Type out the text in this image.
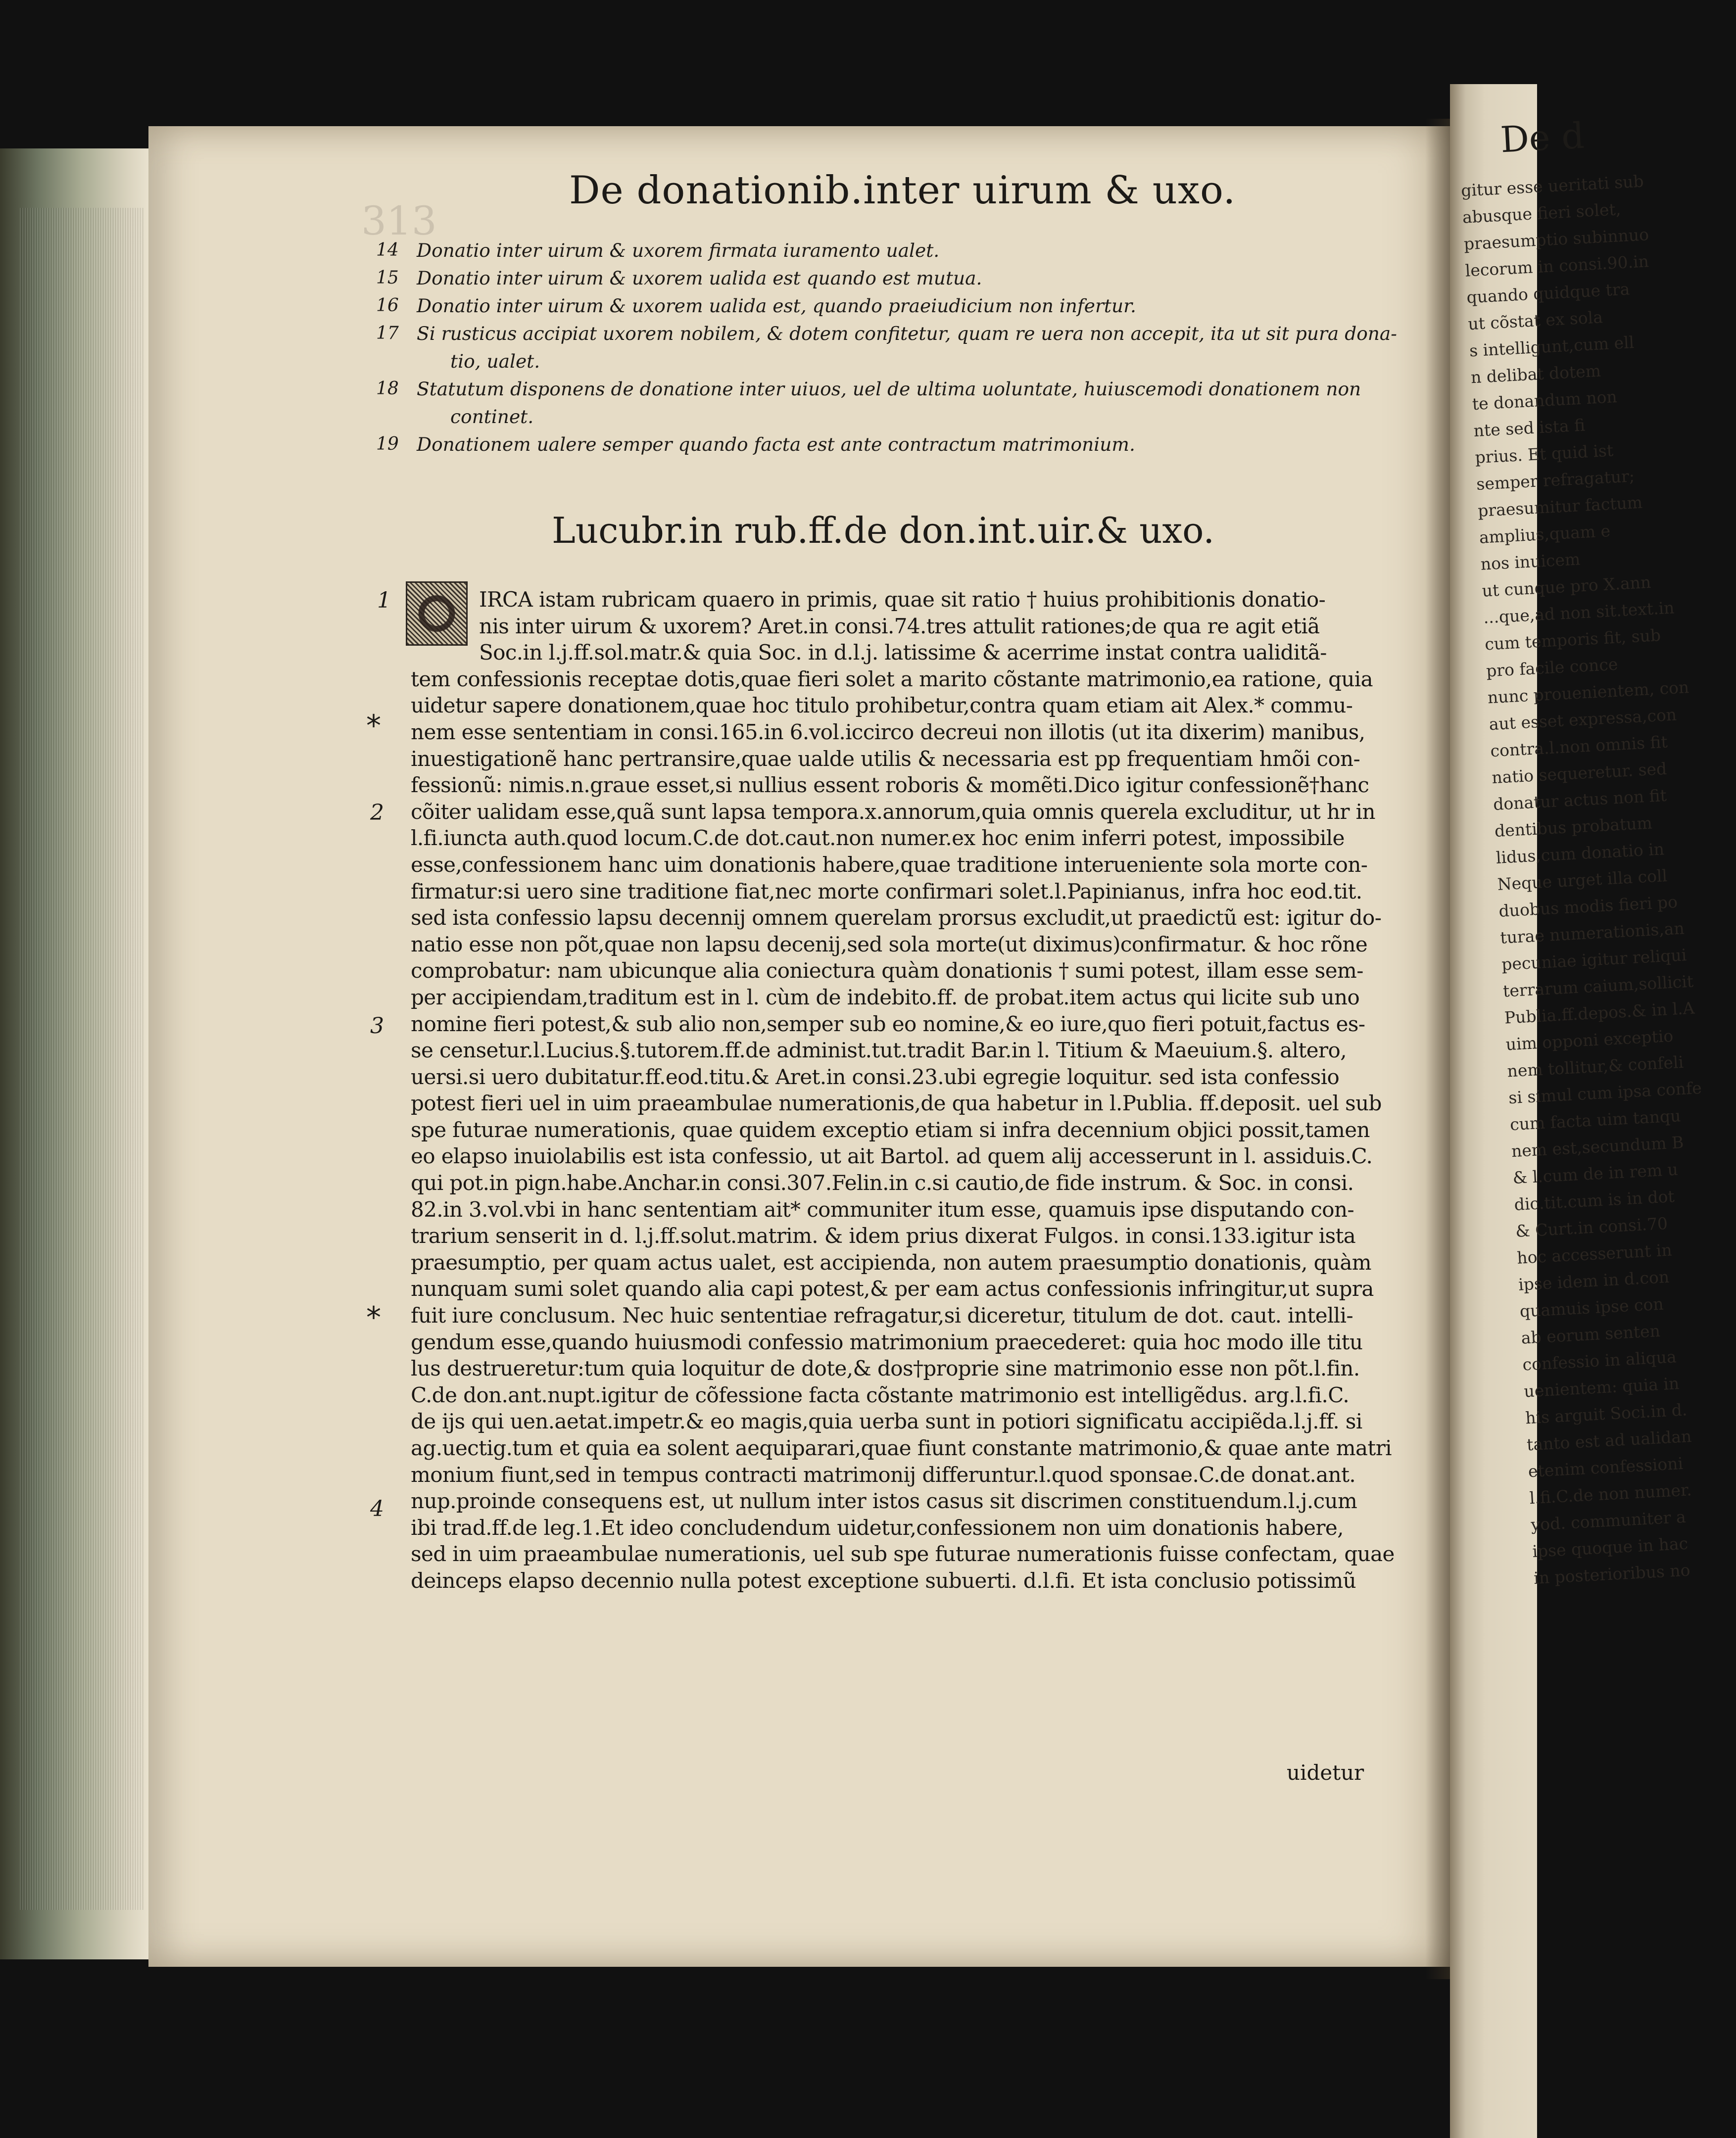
313
De donationib.inter uirum & uxo.
14 Donatio inter uirum & uxorem firmata iuramento ualet.
15 Donatio inter uirum & uxorem ualida est quando est mutua.
16 Donatio inter uirum & uxorem ualida est, quando praeiudicium non infertur.
17 Si rusticus accipiat uxorem nobilem, & dotem confitetur, quam re uera non accepit, ita ut sit pura dona-
tio, ualet.
18 Statutum disponens de donatione inter uiuos, uel de ultima uoluntate, huiuscemodi donationem non
continet.
19 Donationem ualere semper quando facta est ante contractum matrimonium.
Lucubr.in rub.ff.de don.int.uir.& uxo.
IRCA istam rubricam quaero in primis, quae sit ratio † huius prohibitionis donatio-
nis inter uirum & uxorem? Aret.in consi.74.tres attulit rationes;de qua re agit etiã
Soc.in l.j.ff.sol.matr.& quia Soc. in d.l.j. latissime & acerrime instat contra ualiditã-
tem confessionis receptae dotis,quae fieri solet a marito cõstante matrimonio,ea ratione, quia
uidetur sapere donationem,quae hoc titulo prohibetur,contra quam etiam ait Alex.* commu-
nem esse sententiam in consi.165.in 6.vol.iccirco decreui non illotis (ut ita dixerim) manibus,
inuestigationẽ hanc pertransire,quae ualde utilis & necessaria est pp frequentiam hmõi con-
fessionũ: nimis.n.graue esset,si nullius essent roboris & momẽti.Dico igitur confessionẽ†hanc
cõiter ualidam esse,quã sunt lapsa tempora.x.annorum,quia omnis querela excluditur, ut hr in
l.fi.iuncta auth.quod locum.C.de dot.caut.non numer.ex hoc enim inferri potest, impossibile
esse,confessionem hanc uim donationis habere,quae traditione interueniente sola morte con-
firmatur:si uero sine traditione fiat,nec morte confirmari solet.l.Papinianus, infra hoc eod.tit.
sed ista confessio lapsu decennij omnem querelam prorsus excludit,ut praedictũ est: igitur do-
natio esse non põt,quae non lapsu decenij,sed sola morte(ut diximus)confirmatur. & hoc rõne
comprobatur: nam ubicunque alia coniectura quàm donationis † sumi potest, illam esse sem-
per accipiendam,traditum est in l. cùm de indebito.ff. de probat.item actus qui licite sub uno
nomine fieri potest,& sub alio non,semper sub eo nomine,& eo iure,quo fieri potuit,factus es-
se censetur.l.Lucius.§.tutorem.ff.de administ.tut.tradit Bar.in l. Titium & Maeuium.§. altero,
uersi.si uero dubitatur.ff.eod.titu.& Aret.in consi.23.ubi egregie loquitur. sed ista confessio
potest fieri uel in uim praeambulae numerationis,de qua habetur in l.Publia. ff.deposit. uel sub
spe futurae numerationis, quae quidem exceptio etiam si infra decennium objici possit,tamen
eo elapso inuiolabilis est ista confessio, ut ait Bartol. ad quem alij accesserunt in l. assiduis.C.
qui pot.in pign.habe.Anchar.in consi.307.Felin.in c.si cautio,de fide instrum. & Soc. in consi.
82.in 3.vol.vbi in hanc sententiam ait* communiter itum esse, quamuis ipse disputando con-
trarium senserit in d. l.j.ff.solut.matrim. & idem prius dixerat Fulgos. in consi.133.igitur ista
praesumptio, per quam actus ualet, est accipienda, non autem praesumptio donationis, quàm
nunquam sumi solet quando alia capi potest,& per eam actus confessionis infringitur,ut supra
fuit iure conclusum. Nec huic sententiae refragatur,si diceretur, titulum de dot. caut. intelli-
gendum esse,quando huiusmodi confessio matrimonium praecederet: quia hoc modo ille titu
lus destrueretur:tum quia loquitur de dote,& dos†proprie sine matrimonio esse non põt.l.fin.
C.de don.ant.nupt.igitur de cõfessione facta cõstante matrimonio est intelligẽdus. arg.l.fi.C.
de ijs qui uen.aetat.impetr.& eo magis,quia uerba sunt in potiori significatu accipiẽda.l.j.ff. si
ag.uectig.tum et quia ea solent aequiparari,quae fiunt constante matrimonio,& quae ante matri
monium fiunt,sed in tempus contracti matrimonij differuntur.l.quod sponsae.C.de donat.ant.
nup.proinde consequens est, ut nullum inter istos casus sit discrimen constituendum.l.j.cum
ibi trad.ff.de leg.1.Et ideo concludendum uidetur,confessionem non uim donationis habere,
sed in uim praeambulae numerationis, uel sub spe futurae numerationis fuisse confectam, quae
deinceps elapso decennio nulla potest exceptione subuerti. d.l.fi. Et ista conclusio potissimũ
1
2
3
4
*
*
uidetur
De d
gitur esse ueritati sub
abusque fieri solet,
praesumptio subinnuo
lecorum in consi.90.in
quando quidque tra
ut cõstat ex sola
s intelligunt,cum ell
n delibat dotem
te donandum non
nte sed ista fi
prius. Et quid ist
semper refragatur;
praesumitur factum
amplius,quam e
nos inuicem
ut cunque pro X.ann
...que,ad non sit.text.in
cum temporis fit, sub
pro facile conce
nunc prouenientem, con
aut esset expressa,con
contra.l.non omnis fit
natio sequeretur. sed
donatur actus non fit
dentibus probatum
lidus,cum donatio in
Neque urget illa coll
duobus modis fieri po
turae numerationis,an
pecuniae igitur reliqui
terrarum caium,sollicit
Publia.ff.depos.& in l.A
uim opponi exceptio
nem tollitur,& confeli
si simul cum ipsa confe
cum facta uim tanqu
nem est,secundum B
& l.cum de in rem u
dic.tit.cum is in dot
& Curt.in consi.70
hoc accesserunt in
ipse idem in d.con
quamuis ipse con
ab eorum senten
confessio in aliqua
uenientem: quia in
his arguit Soci.in d.
tanto est ad ualidan
etenim confessioni
l.fi.C.de non numer.
yod. communiter a
ipse quoque in hac
in posterioribus no
